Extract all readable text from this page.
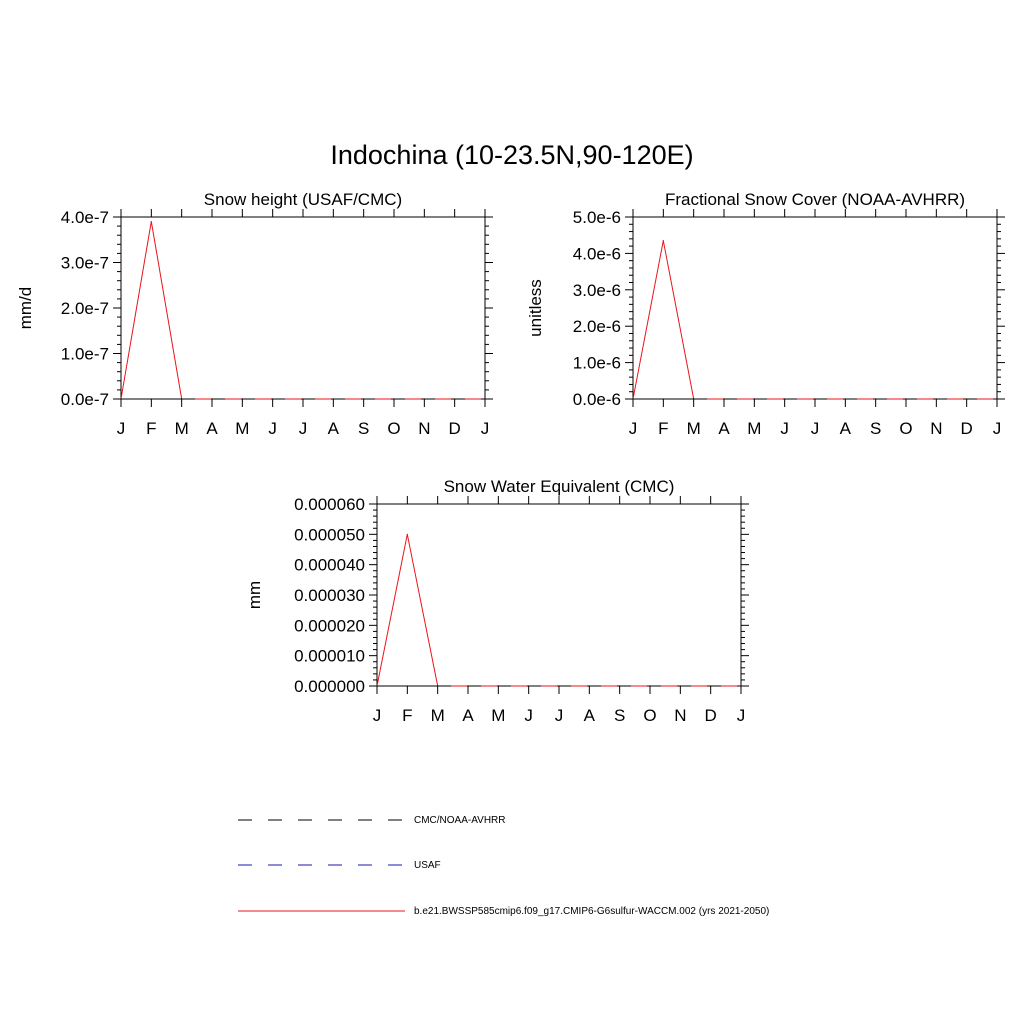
Indochina (10-23.5N,90-120E)
Snow height (USAF/CMC)
mm/d
J F M A M J J A S O N D J
0.0e-7
1.0e-7
2.0e-7
3.0e-7
4.0e-7
Fractional Snow Cover (NOAA-AVHRR)
unitless
J F M A M J J A S O N D J
0.0e-6
1.0e-6
2.0e-6
3.0e-6
4.0e-6
5.0e-6
Snow Water Equivalent (CMC)
mm
J F M A M J J A S O N D J
0.000000
0.000010
0.000020
0.000030
0.000040
0.000050
0.000060
CMC/NOAA-AVHRR
USAF
b.e21.BWSSP585cmip6.f09_g17.CMIP6-G6sulfur-WACCM.002 (yrs 2021-2050)
